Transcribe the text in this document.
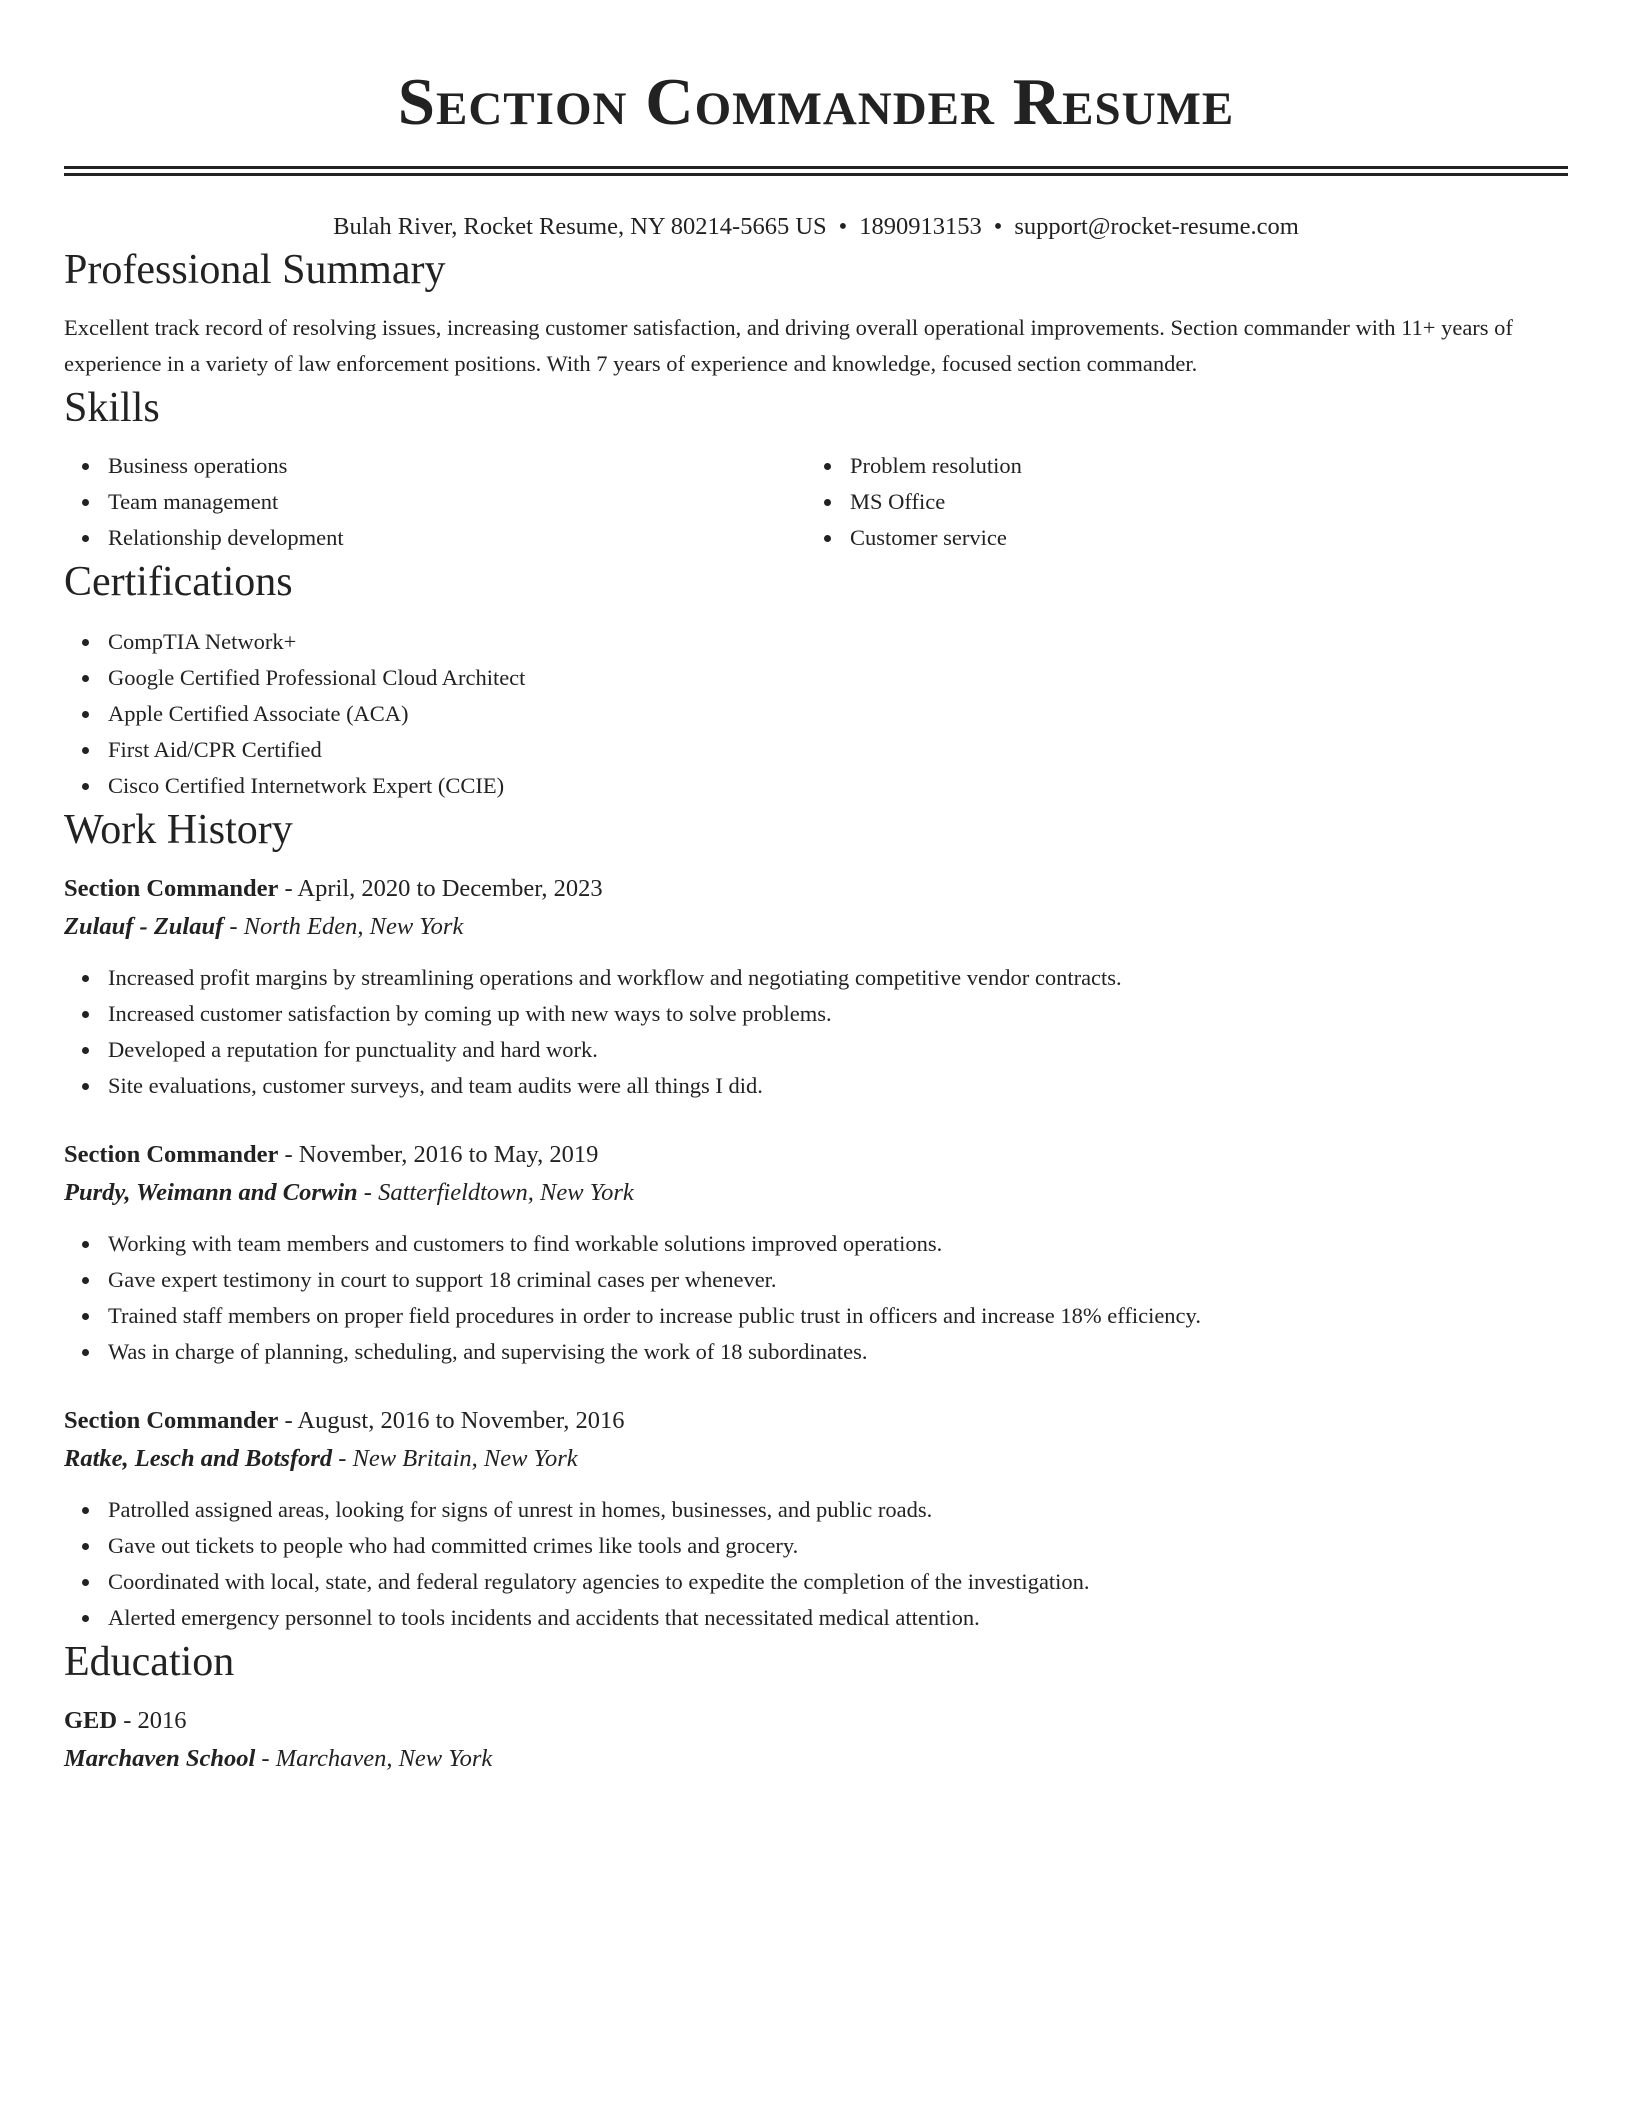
Section Commander Resume
Bulah River, Rocket Resume, NY 80214-5665 US • 1890913153 • support@rocket-resume.com
Professional Summary

Excellent track record of resolving issues, increasing customer satisfaction, and driving overall operational improvements. Section commander with 11+ years of experience in a variety of law enforcement positions. With 7 years of experience and knowledge, focused section commander.

Skills
Business operations
Team management
Relationship development
Problem resolution
MS Office
Customer service
Certifications
CompTIA Network+
Google Certified Professional Cloud Architect
Apple Certified Associate (ACA)
First Aid/CPR Certified
Cisco Certified Internetwork Expert (CCIE)
Work History
Section Commander - April, 2020 to December, 2023
Zulauf - Zulauf - North Eden, New York
Increased profit margins by streamlining operations and workflow and negotiating competitive vendor contracts.
Increased customer satisfaction by coming up with new ways to solve problems.
Developed a reputation for punctuality and hard work.
Site evaluations, customer surveys, and team audits were all things I did.
Section Commander - November, 2016 to May, 2019
Purdy, Weimann and Corwin - Satterfieldtown, New York
Working with team members and customers to find workable solutions improved operations.
Gave expert testimony in court to support 18 criminal cases per whenever.
Trained staff members on proper field procedures in order to increase public trust in officers and increase 18% efficiency.
Was in charge of planning, scheduling, and supervising the work of 18 subordinates.
Section Commander - August, 2016 to November, 2016
Ratke, Lesch and Botsford - New Britain, New York
Patrolled assigned areas, looking for signs of unrest in homes, businesses, and public roads.
Gave out tickets to people who had committed crimes like tools and grocery.
Coordinated with local, state, and federal regulatory agencies to expedite the completion of the investigation.
Alerted emergency personnel to tools incidents and accidents that necessitated medical attention.
Education
GED - 2016
Marchaven School - Marchaven, New York
